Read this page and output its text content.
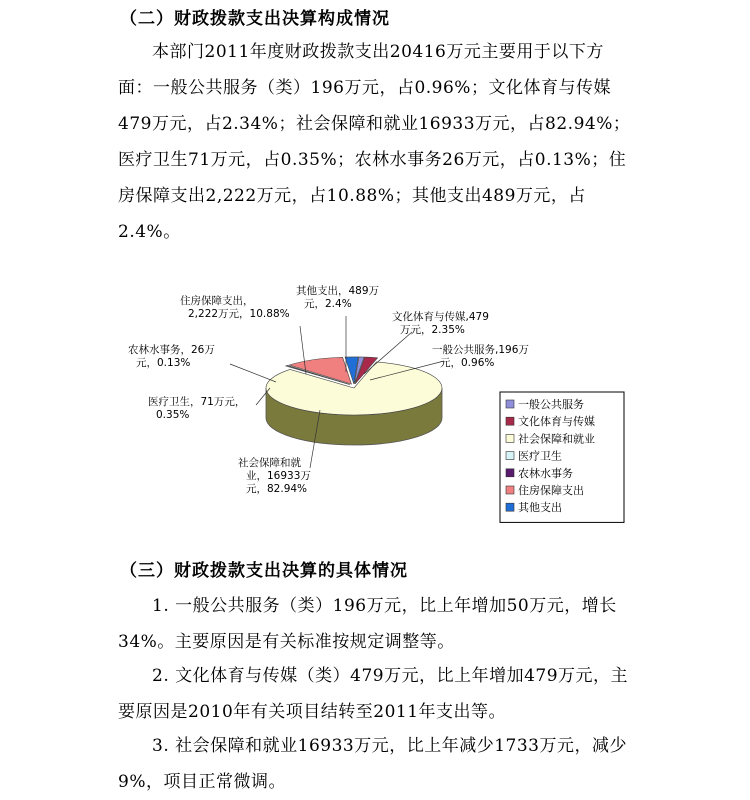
（二）财政拨款支出决算构成情况

本部门2011年度财政拨款支出20416万元主要用于以下方面：一般公共服务（类）196万元，占0.96%；文化体育与传媒479万元，占2.34%；社会保障和就业16933万元，占82.94%；医疗卫生71万元，占0.35%；农林水事务26万元，占0.13%；住房保障支出2,222万元，占10.88%；其他支出489万元，占2.4%。

一般公共服务,196万
元，0.96%
文化体育与传媒,479
万元，2.35%
社会保障和就
业，16933万
元，82.94%
医疗卫生，71万元，
0.35%
农林水事务，26万
元，0.13%
住房保障支出，
2,222万元，10.88%
其他支出，489万
元，2.4%
一般公共服务
文化体育与传媒
社会保障和就业
医疗卫生
农林水事务
住房保障支出
其他支出
（三）财政拨款支出决算的具体情况

1. 一般公共服务（类）196万元，比上年增加50万元，增长34%。主要原因是有关标准按规定调整等。

2. 文化体育与传媒（类）479万元，比上年增加479万元，主要原因是2010年有关项目结转至2011年支出等。

3. 社会保障和就业16933万元，比上年减少1733万元，减少9%，项目正常微调。
